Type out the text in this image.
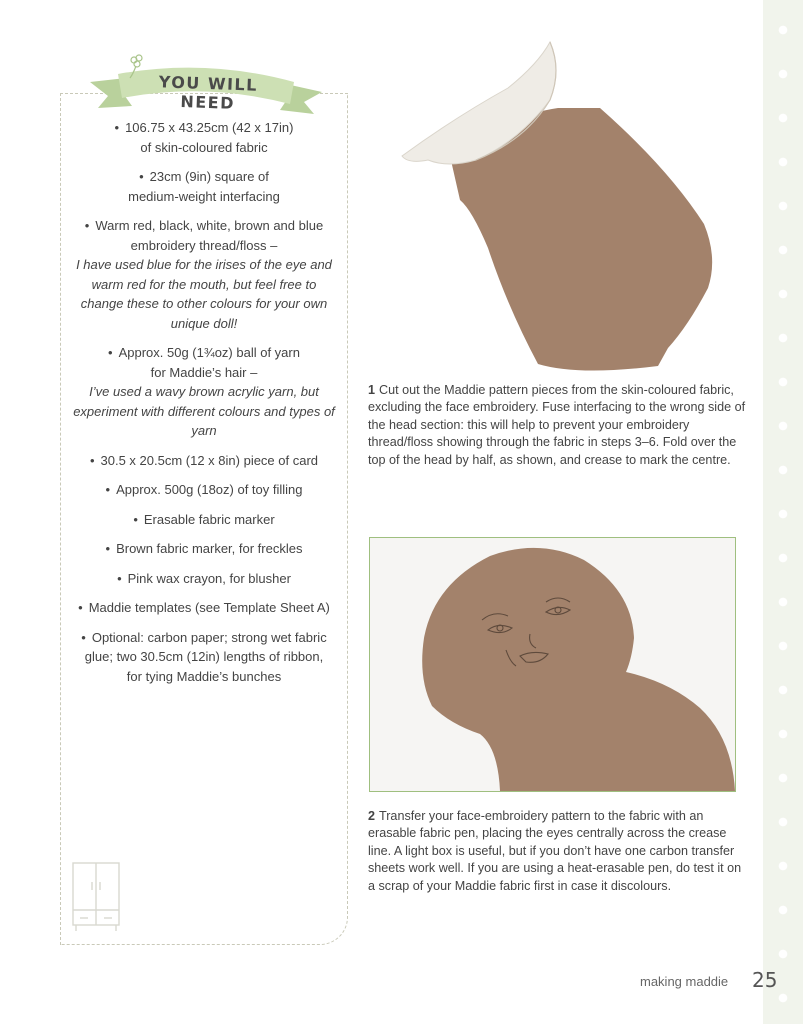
YOU WILL NEED
• 106.75 x 43.25cm (42 x 17in)
of skin-coloured fabric
• 23cm (9in) square of
medium-weight interfacing
• Warm red, black, white, brown and blue
embroidery thread/floss –
I have used blue for the irises of the eye and warm red for the mouth, but feel free to change these to other colours for your own unique doll!
• Approx. 50g (1¾oz) ball of yarn
for Maddie’s hair –
I’ve used a wavy brown acrylic yarn, but experiment with different colours and types of yarn
• 30.5 x 20.5cm (12 x 8in) piece of card
• Approx. 500g (18oz) of toy filling
• Erasable fabric marker
• Brown fabric marker, for freckles
• Pink wax crayon, for blusher
• Maddie templates (see Template Sheet A)
• Optional: carbon paper; strong wet fabric
glue; two 30.5cm (12in) lengths of ribbon,
for tying Maddie’s bunches
1 Cut out the Maddie pattern pieces from the skin-coloured fabric, excluding the face embroidery. Fuse interfacing to the wrong side of the head section: this will help to prevent your embroidery thread/floss showing through the fabric in steps 3–6. Fold over the top of the head by half, as shown, and crease to mark the centre.
2 Transfer your face-embroidery pattern to the fabric with an erasable fabric pen, placing the eyes centrally across the crease line. A light box is useful, but if you don’t have one carbon transfer sheets work well. If you are using a heat-erasable pen, do test it on a scrap of your Maddie fabric first in case it discolours.
making maddie 25
